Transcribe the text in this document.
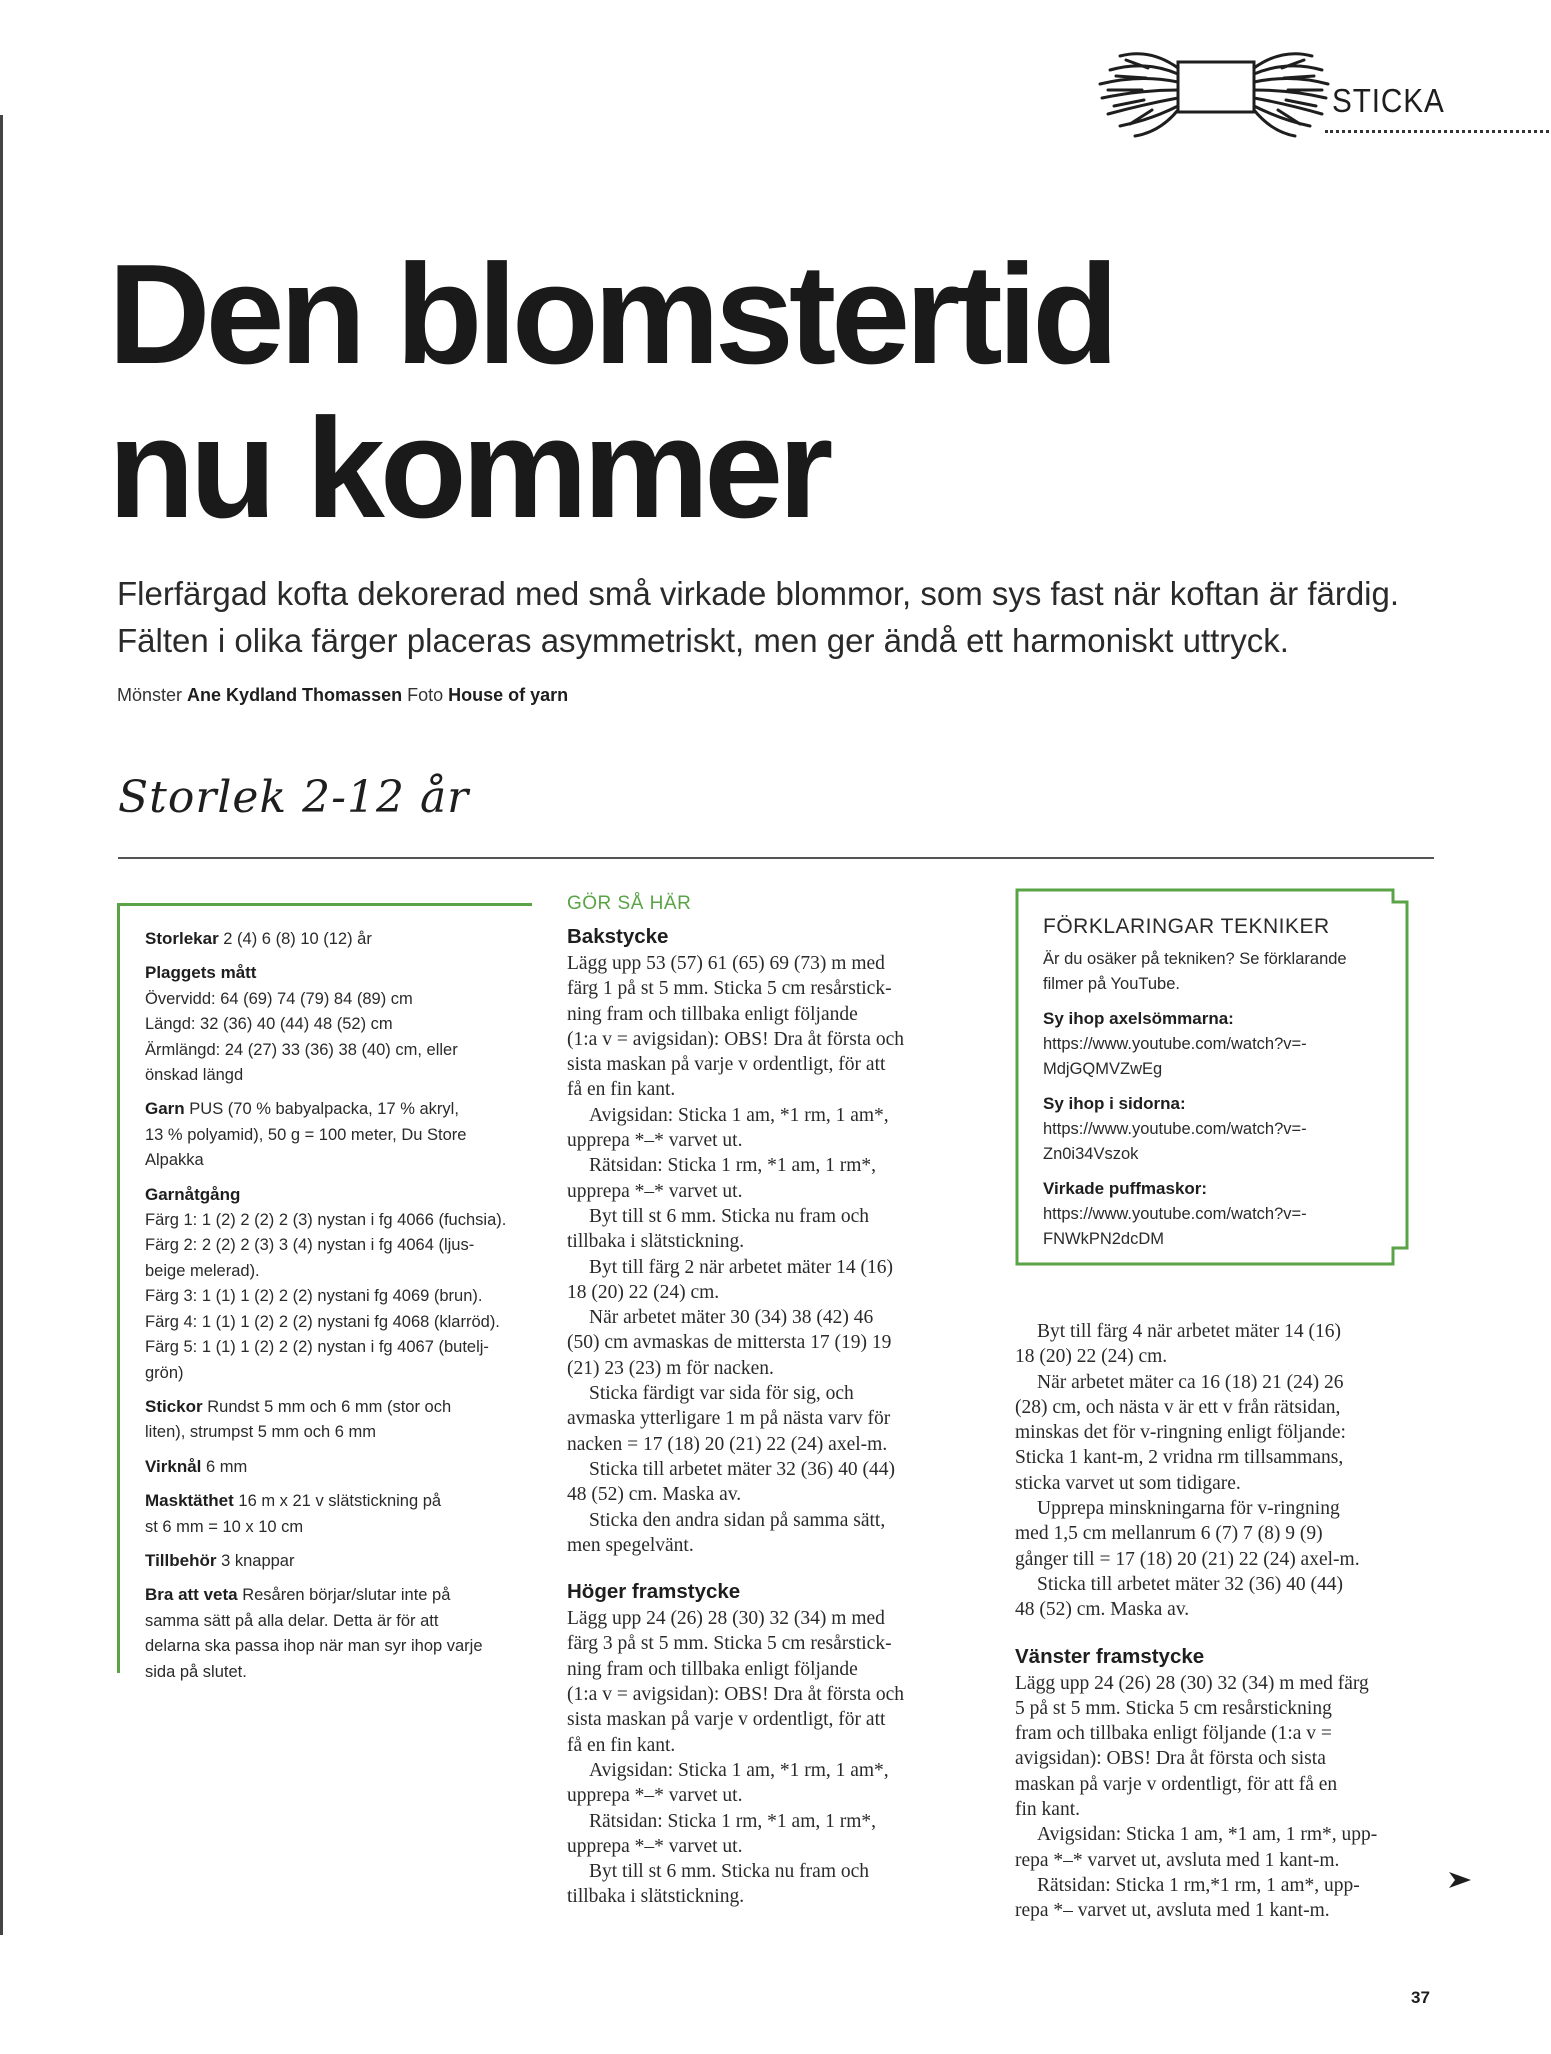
STICKA
Den blomstertid
nu kommer
Flerfärgad kofta dekorerad med små virkade blommor, som sys fast när koftan är färdig. Fälten i olika färger placeras asymmetriskt, men ger ändå ett harmoniskt uttryck.
Mönster Ane Kydland Thomassen Foto House of yarn
Storlek 2-12 år
Storlekar 2 (4) 6 (8) 10 (12) år
Plaggets mått
Övervidd: 64 (69) 74 (79) 84 (89) cm
Längd: 32 (36) 40 (44) 48 (52) cm
Ärmlängd: 24 (27) 33 (36) 38 (40) cm, eller
önskad längd
Garn PUS (70 % babyalpacka, 17 % akryl,
13 % polyamid), 50 g = 100 meter, Du Store
Alpakka
Garnåtgång
Färg 1: 1 (2) 2 (2) 2 (3) nystan i fg 4066 (fuchsia).
Färg 2: 2 (2) 2 (3) 3 (4) nystan i fg 4064 (ljus-
beige melerad).
Färg 3: 1 (1) 1 (2) 2 (2) nystani fg 4069 (brun).
Färg 4: 1 (1) 1 (2) 2 (2) nystani fg 4068 (klarröd).
Färg 5: 1 (1) 1 (2) 2 (2) nystan i fg 4067 (butelj-
grön)
Stickor Rundst 5 mm och 6 mm (stor och
liten), strumpst 5 mm och 6 mm
Virknål 6 mm
Masktäthet 16 m x 21 v slätstickning på
st 6 mm = 10 x 10 cm
Tillbehör 3 knappar
Bra att veta Resåren börjar/slutar inte på
samma sätt på alla delar. Detta är för att
delarna ska passa ihop när man syr ihop varje
sida på slutet.
GÖR SÅ HÄR
Bakstycke

Lägg upp 53 (57) 61 (65) 69 (73) m med

färg 1 på st 5 mm. Sticka 5 cm resårstick-

ning fram och tillbaka enligt följande

(1:a v = avigsidan): OBS! Dra åt första och

sista maskan på varje v ordentligt, för att

få en fin kant.

Avigsidan: Sticka 1 am, *1 rm, 1 am*,

upprepa *–* varvet ut.

Rätsidan: Sticka 1 rm, *1 am, 1 rm*,

upprepa *–* varvet ut.

Byt till st 6 mm. Sticka nu fram och

tillbaka i slätstickning.

Byt till färg 2 när arbetet mäter 14 (16)

18 (20) 22 (24) cm.

När arbetet mäter 30 (34) 38 (42) 46

(50) cm avmaskas de mittersta 17 (19) 19

(21) 23 (23) m för nacken.

Sticka färdigt var sida för sig, och

avmaska ytterligare 1 m på nästa varv för

nacken = 17 (18) 20 (21) 22 (24) axel-m.

Sticka till arbetet mäter 32 (36) 40 (44)

48 (52) cm. Maska av.

Sticka den andra sidan på samma sätt,

men spegelvänt.

Höger framstycke

Lägg upp 24 (26) 28 (30) 32 (34) m med

färg 3 på st 5 mm. Sticka 5 cm resårstick-

ning fram och tillbaka enligt följande

(1:a v = avigsidan): OBS! Dra åt första och

sista maskan på varje v ordentligt, för att

få en fin kant.

Avigsidan: Sticka 1 am, *1 rm, 1 am*,

upprepa *–* varvet ut.

Rätsidan: Sticka 1 rm, *1 am, 1 rm*,

upprepa *–* varvet ut.

Byt till st 6 mm. Sticka nu fram och

tillbaka i slätstickning.

FÖRKLARINGAR TEKNIKER
Är du osäker på tekniken? Se förklarande
filmer på YouTube.
Sy ihop axelsömmarna:
https://www.youtube.com/watch?v=-
MdjGQMVZwEg
Sy ihop i sidorna:
https://www.youtube.com/watch?v=-
Zn0i34Vszok
Virkade puffmaskor:
https://www.youtube.com/watch?v=-
FNWkPN2dcDM

Byt till färg 4 när arbetet mäter 14 (16)

18 (20) 22 (24) cm.

När arbetet mäter ca 16 (18) 21 (24) 26

(28) cm, och nästa v är ett v från rätsidan,

minskas det för v-ringning enligt följande:

Sticka 1 kant-m, 2 vridna rm tillsammans,

sticka varvet ut som tidigare.

Upprepa minskningarna för v-ringning

med 1,5 cm mellanrum 6 (7) 7 (8) 9 (9)

gånger till = 17 (18) 20 (21) 22 (24) axel-m.

Sticka till arbetet mäter 32 (36) 40 (44)

48 (52) cm. Maska av.

Vänster framstycke

Lägg upp 24 (26) 28 (30) 32 (34) m med färg

5 på st 5 mm. Sticka 5 cm resårstickning

fram och tillbaka enligt följande (1:a v =

avigsidan): OBS! Dra åt första och sista

maskan på varje v ordentligt, för att få en

fin kant.

Avigsidan: Sticka 1 am, *1 am, 1 rm*, upp-

repa *–* varvet ut, avsluta med 1 kant-m.

Rätsidan: Sticka 1 rm,*1 rm, 1 am*, upp-

repa *– varvet ut, avsluta med 1 kant-m.

37
